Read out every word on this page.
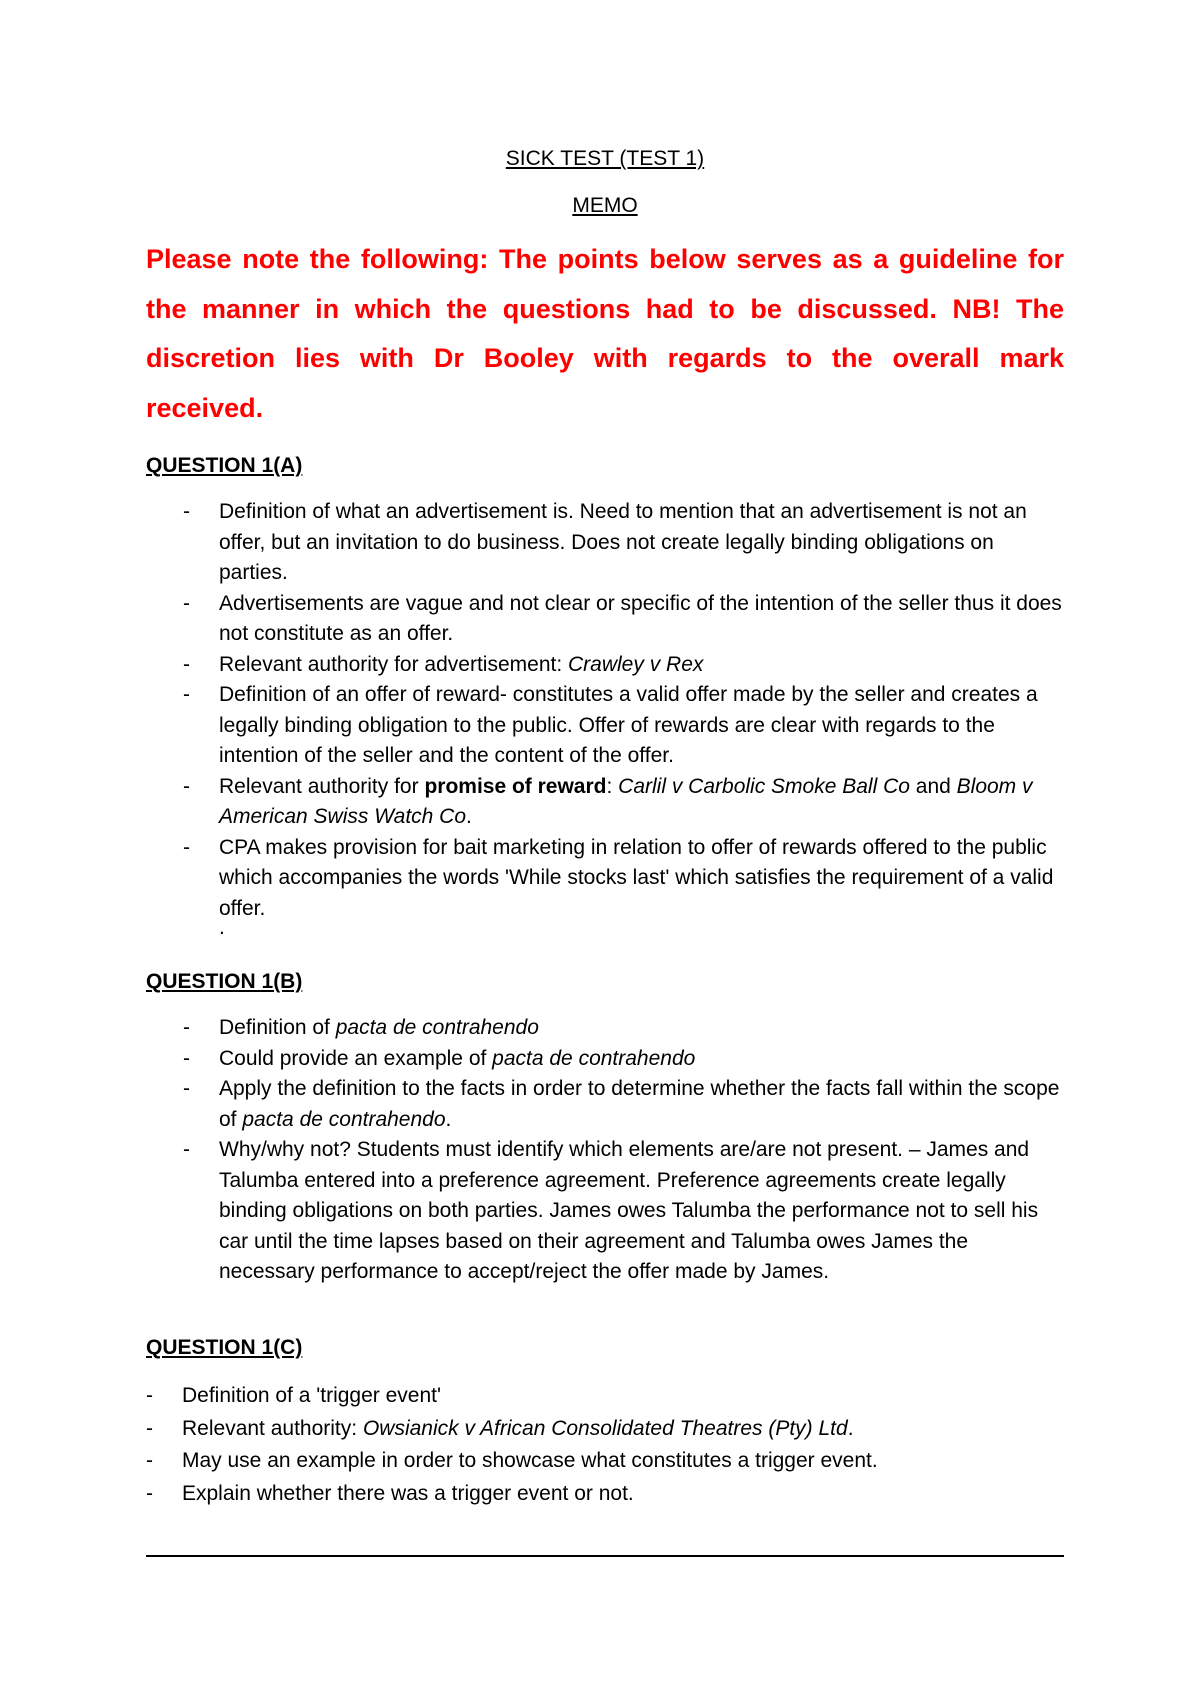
SICK TEST (TEST 1)
MEMO
Please note the following: The points below serves as a guideline for the manner in which the questions had to be discussed. NB! The discretion lies with Dr Booley with regards to the overall mark received.
QUESTION 1(A)
- Definition of what an advertisement is. Need to mention that an advertisement is not an offer, but an invitation to do business. Does not create legally binding obligations on parties.
- Advertisements are vague and not clear or specific of the intention of the seller thus it does not constitute as an offer.
- Relevant authority for advertisement: Crawley v Rex
- Definition of an offer of reward- constitutes a valid offer made by the seller and creates a legally binding obligation to the public. Offer of rewards are clear with regards to the intention of the seller and the content of the offer.
- Relevant authority for promise of reward: Carlil v Carbolic Smoke Ball Co and Bloom v American Swiss Watch Co.
- CPA makes provision for bait marketing in relation to offer of rewards offered to the public which accompanies the words 'While stocks last' which satisfies the requirement of a valid offer.
.
QUESTION 1(B)
- Definition of pacta de contrahendo
- Could provide an example of pacta de contrahendo
- Apply the definition to the facts in order to determine whether the facts fall within the scope of pacta de contrahendo.
- Why/why not? Students must identify which elements are/are not present. – James and Talumba entered into a preference agreement. Preference agreements create legally binding obligations on both parties. James owes Talumba the performance not to sell his car until the time lapses based on their agreement and Talumba owes James the necessary performance to accept/reject the offer made by James.
QUESTION 1(C)
- Definition of a 'trigger event'
- Relevant authority: Owsianick v African Consolidated Theatres (Pty) Ltd.
- May use an example in order to showcase what constitutes a trigger event.
- Explain whether there was a trigger event or not.
